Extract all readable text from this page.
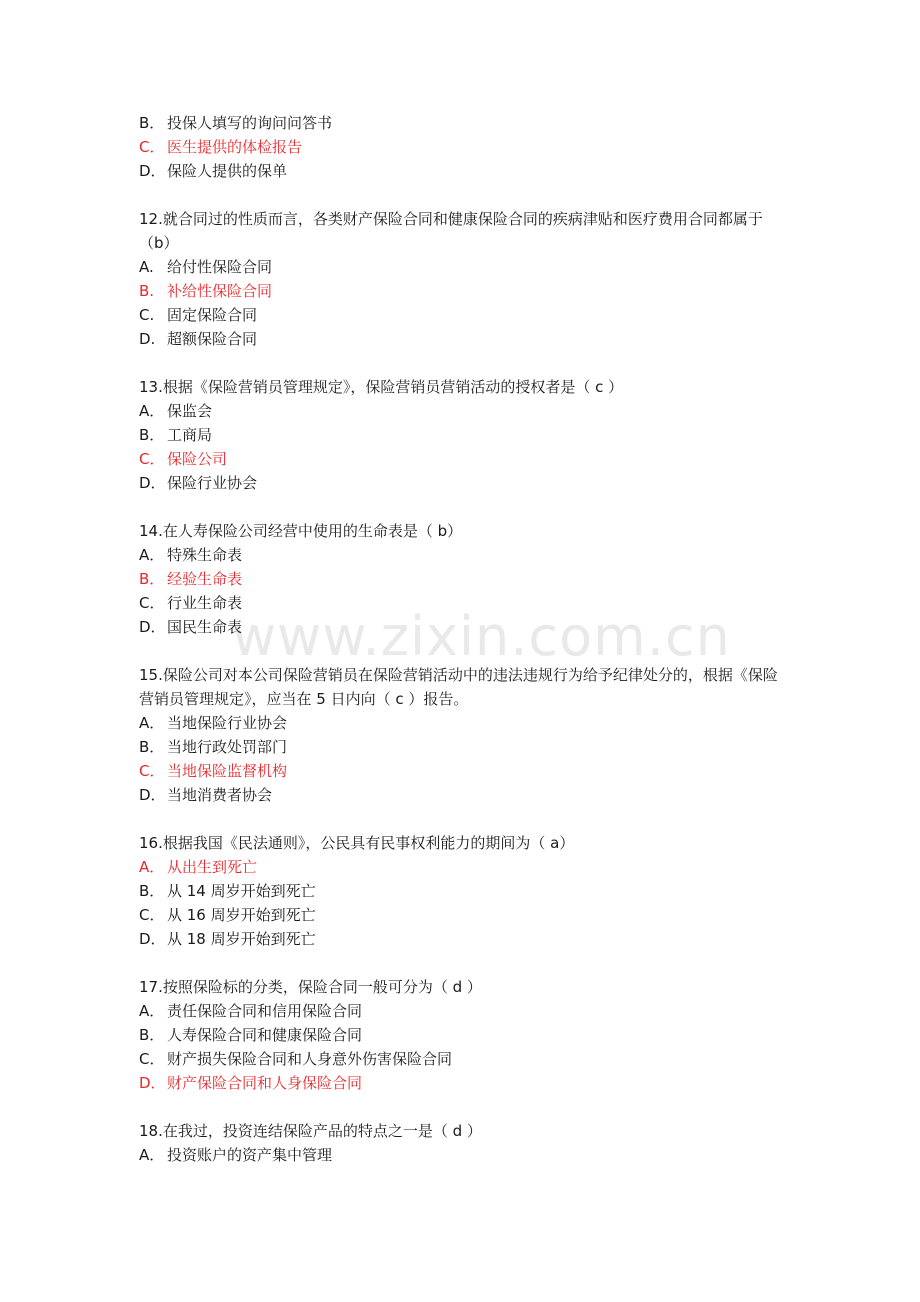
www.zixin.com.cn
B． 投保人填写的询问问答书
C． 医生提供的体检报告
D． 保险人提供的保单
12.就合同过的性质而言，各类财产保险合同和健康保险合同的疾病津贴和医疗费用合同都属于（b）
A. 给付性保险合同
B. 补给性保险合同
C. 固定保险合同
D. 超额保险合同
13.根据《保险营销员管理规定》，保险营销员营销活动的授权者是（ c ）
A． 保监会
B． 工商局
C． 保险公司
D． 保险行业协会
14.在人寿保险公司经营中使用的生命表是（ b）
A． 特殊生命表
B． 经验生命表
C． 行业生命表
D． 国民生命表
15.保险公司对本公司保险营销员在保险营销活动中的违法违规行为给予纪律处分的，根据《保险营销员管理规定》，应当在 5 日内向（ c ）报告。
A． 当地保险行业协会
B． 当地行政处罚部门
C． 当地保险监督机构
D． 当地消费者协会
16.根据我国《民法通则》，公民具有民事权利能力的期间为（ a）
A． 从出生到死亡
B． 从 14 周岁开始到死亡
C． 从 16 周岁开始到死亡
D． 从 18 周岁开始到死亡
17.按照保险标的分类，保险合同一般可分为（ d ）
A． 责任保险合同和信用保险合同
B． 人寿保险合同和健康保险合同
C． 财产损失保险合同和人身意外伤害保险合同
D． 财产保险合同和人身保险合同
18.在我过，投资连结保险产品的特点之一是（ d ）
A． 投资账户的资产集中管理
